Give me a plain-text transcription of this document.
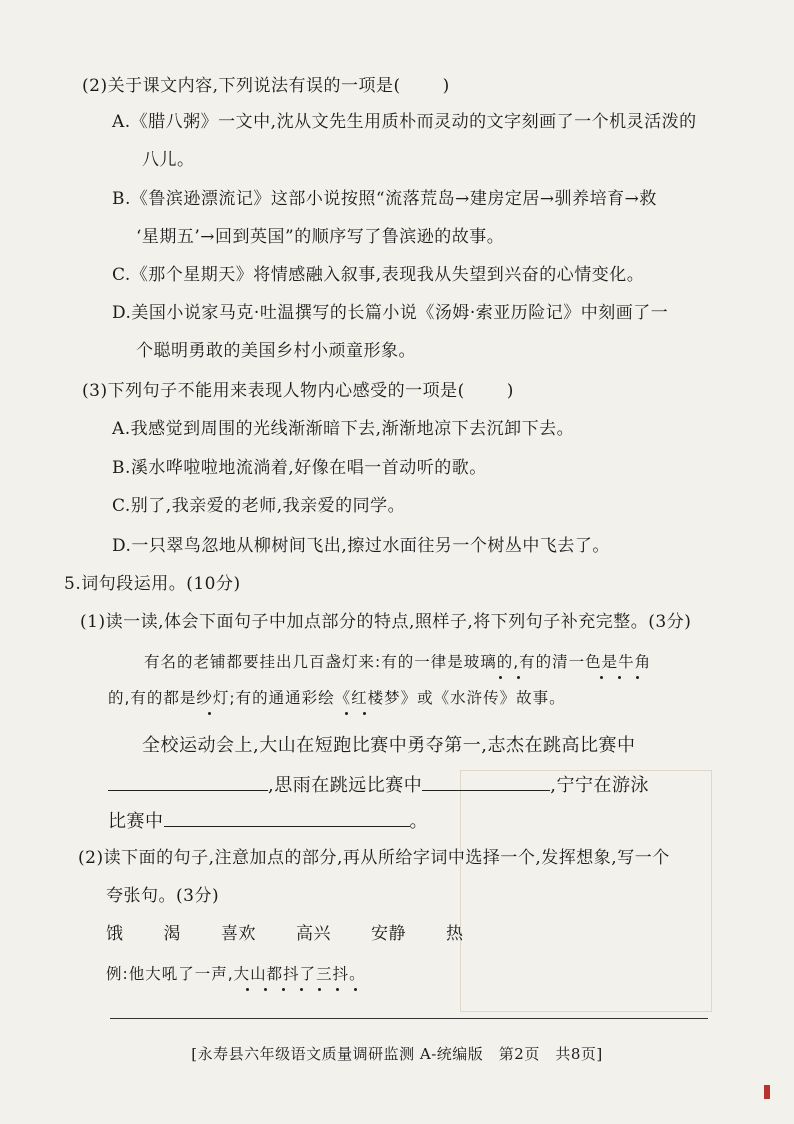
(2)关于课文内容,下列说法有误的一项是( )
A.《腊八粥》一文中,沈从文先生用质朴而灵动的文字刻画了一个机灵活泼的
八儿。
B.《鲁滨逊漂流记》这部小说按照“流落荒岛→建房定居→驯养培育→救
‘星期五’→回到英国”的顺序写了鲁滨逊的故事。
C.《那个星期天》将情感融入叙事,表现我从失望到兴奋的心情变化。
D.美国小说家马克·吐温撰写的长篇小说《汤姆·索亚历险记》中刻画了一
个聪明勇敢的美国乡村小顽童形象。
(3)下列句子不能用来表现人物内心感受的一项是( )
A.我感觉到周围的光线渐渐暗下去,渐渐地凉下去沉卸下去。
B.溪水哗啦啦地流淌着,好像在唱一首动听的歌。
C.别了,我亲爱的老师,我亲爱的同学。
D.一只翠鸟忽地从柳树间飞出,擦过水面往另一个树丛中飞去了。
5.词句段运用。(10分)
(1)读一读,体会下面句子中加点部分的特点,照样子,将下列句子补充完整。(3分)
有名的老铺都要挂出几百盏灯来:有的一律是玻璃的,有的清一色是牛角
的,有的都是纱灯;有的通通彩绘《红楼梦》或《水浒传》故事。
全校运动会上,大山在短跑比赛中勇夺第一,志杰在跳高比赛中
,思雨在跳远比赛中	,宁宁在游泳
比赛中	。
(2)读下面的句子,注意加点的部分,再从所给字词中选择一个,发挥想象,写一个
夸张句。(3分)
饿 渴 喜欢 高兴 安静 热
例:他大吼了一声,大山都抖了三抖。
[永寿县六年级语文质量调研监测 A-统编版　第2页　共8页]
